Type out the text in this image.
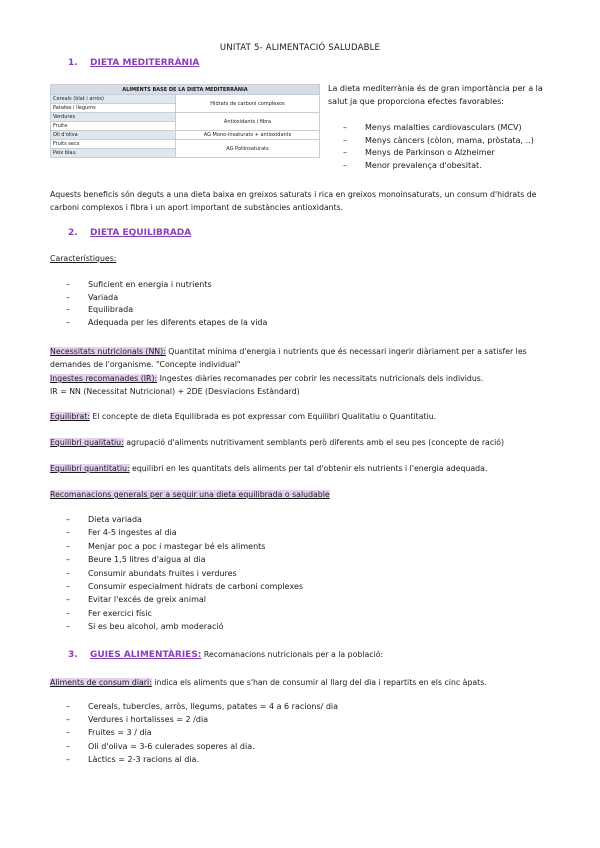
UNITAT 5- ALIMENTACIÓ SALUDABLE
1. DIETA MEDITERRÀNIA
ALIMENTS BASE DE LA DIETA MEDITERRÀNIA	
Cereals (blat i arròs)	Hidrats de carboni complexos
Patates i llegums	
Verdures	Antioxidants i fibra
Fruita	
Oli d'oliva	AG Mono-insaturats + antioxidants
Fruits secs	AG Poliinsaturats
Peix blau	
La dieta mediterrània és de gran importància per a la salut ja que proporciona efectes favorables:
– Menys malalties cardiovasculars (MCV)
– Menys càncers (còlon, mama, pròstata, ..)
– Menys de Parkinson o Alzheimer
– Menor prevalença d'obesitat.
Aquests beneficis són deguts a una dieta baixa en greixos saturats i rica en greixos monoinsaturats, un consum d'hidrats de carboni complexos i fibra i un aport important de substàncies antioxidants.
2. DIETA EQUILIBRADA
Característiques:
– Suficient en energia i nutrients
– Variada
– Equilibrada
– Adequada per les diferents etapes de la vida
Necessitats nutricionals (NN): Quantitat mínima d'energia i nutrients que és necessari ingerir diàriament per a satisfer les demandes de l'organisme. "Concepte individual"
Ingestes recomanades (IR): Ingestes diàries recomanades per cobrir les necessitats nutricionals dels individus.
IR = NN (Necessitat Nutricional) + 2DE (Desviacions Estàndard)
Equilibrat: El concepte de dieta Equilibrada es pot expressar com Equilibri Qualitatiu o Quantitatiu.
Equilibri qualitatiu: agrupació d'aliments nutritivament semblants però diferents amb el seu pes (concepte de ració)
Equilibri quantitatiu: equilibri en les quantitats dels aliments per tal d'obtenir els nutrients i l'energia adequada.
Recomanacions generals per a seguir una dieta equilibrada o saludable
– Dieta variada
– Fer 4-5 ingestes al dia
– Menjar poc a poc i mastegar bé els aliments
– Beure 1,5 litres d'aigua al dia
– Consumir abundats fruites i verdures
– Consumir especialment hidrats de carboni complexes
– Evitar l'excés de greix animal
– Fer exercici físic
– Si es beu alcohol, amb moderació
3. GUIES ALIMENTÀRIES: Recomanacions nutricionals per a la població:
Aliments de consum diari: indica els aliments que s'han de consumir al llarg del dia i repartits en els cinc àpats.
– Cereals, tubercles, arròs, llegums, patates = 4 a 6 racions/ dia
– Verdures i hortalisses = 2 /dia
– Fruites = 3 / dia
– Oli d'oliva = 3-6 culerades soperes al dia.
– Làctics = 2-3 racions al dia.
